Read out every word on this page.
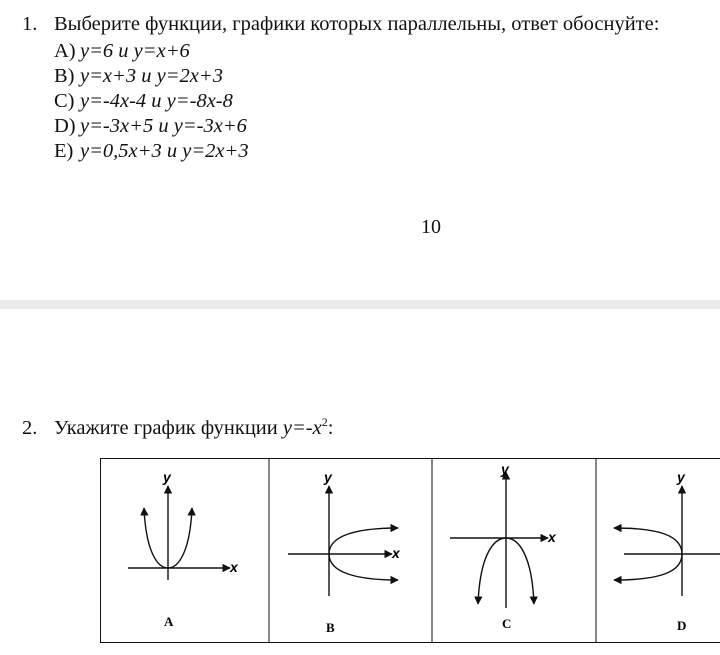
1. Выберите функции, графики которых параллельны, ответ обоснуйте:
A) y=6 и y=x+6
B) y=x+3 и y=2x+3
C) y=-4x-4 и y=-8x-8
D) y=-3x+5 и y=-3x+6
E) y=0,5x+3 и y=2x+3
10
2. Укажите график функции $y=-x^2$:
x
y
A
x
y
B
x
y
C
y
D
